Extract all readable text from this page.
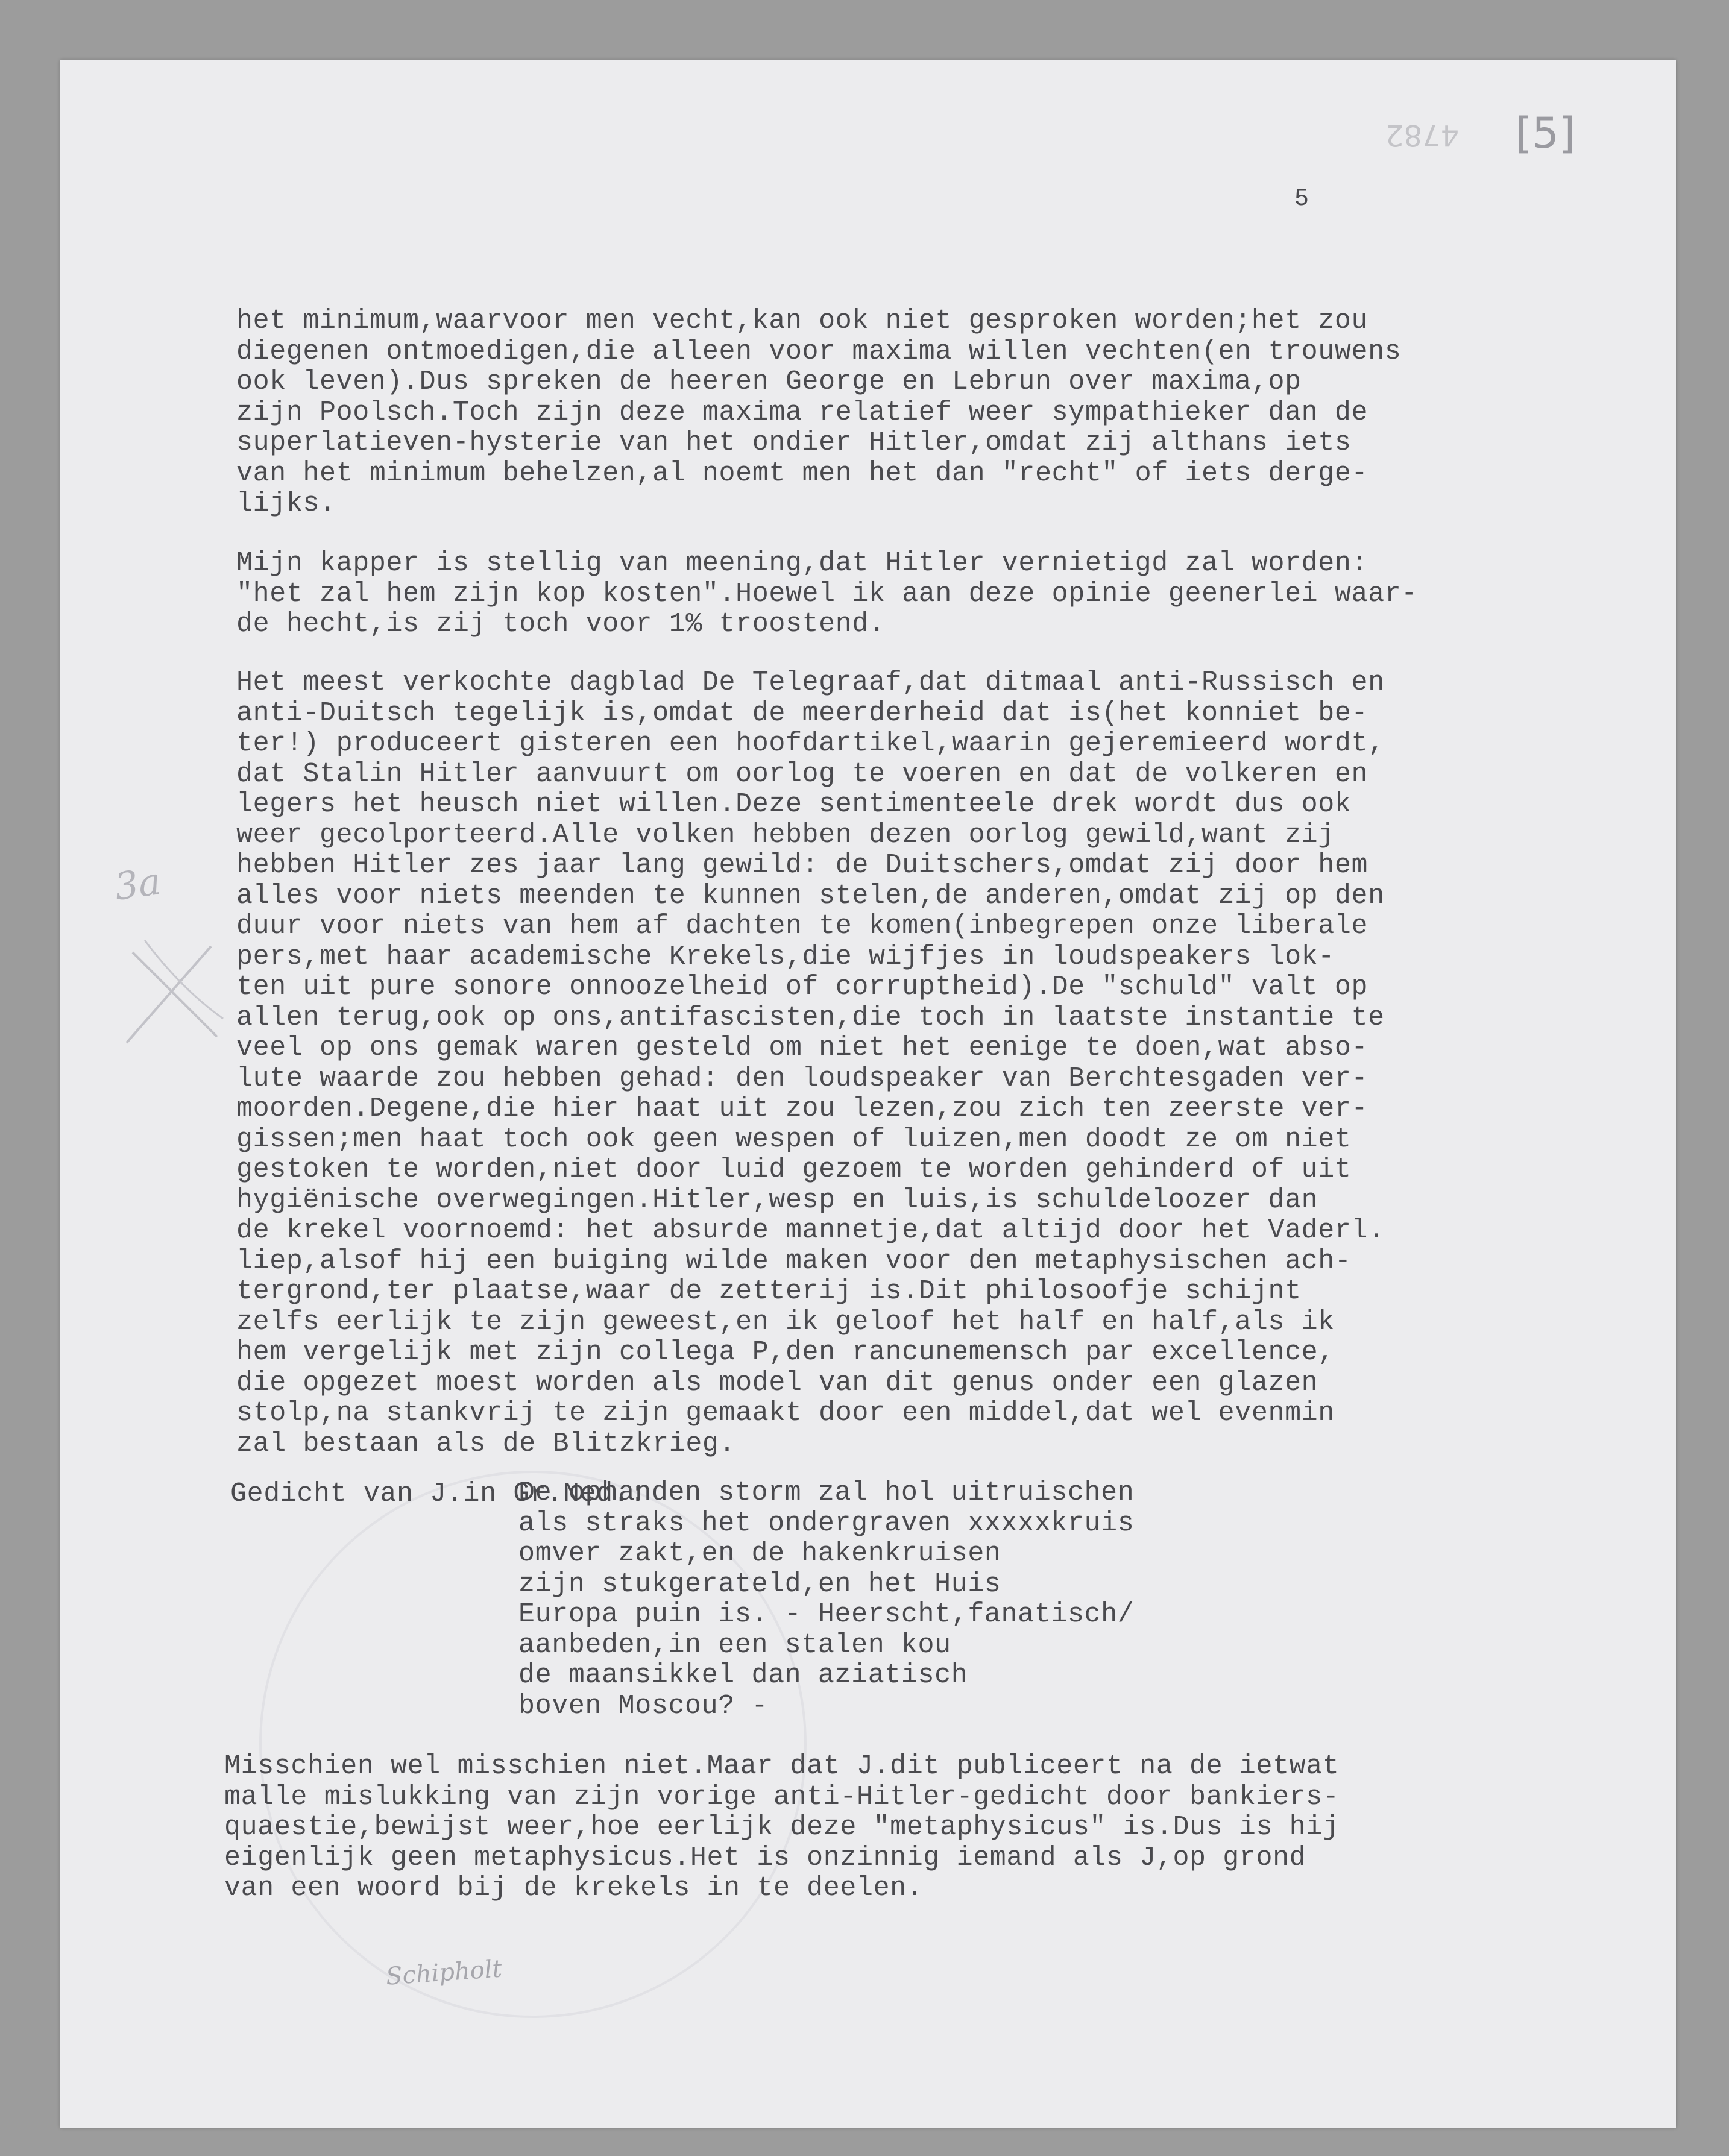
4782 [5]
5
3a

het minimum,waarvoor men vecht,kan ook niet gesproken worden;het zou
diegenen ontmoedigen,die alleen voor maxima willen vechten(en trouwens
ook leven).Dus spreken de heeren George en Lebrun over maxima,op
zijn Poolsch.Toch zijn deze maxima relatief weer sympathieker dan de
superlatieven-hysterie van het ondier Hitler,omdat zij althans iets
van het minimum behelzen,al noemt men het dan "recht" of iets derge-
lijks.

Mijn kapper is stellig van meening,dat Hitler vernietigd zal worden:
"het zal hem zijn kop kosten".Hoewel ik aan deze opinie geenerlei waar-
de hecht,is zij toch voor 1% troostend.

Het meest verkochte dagblad De Telegraaf,dat ditmaal anti-Russisch en
anti-Duitsch tegelijk is,omdat de meerderheid dat is(het konniet be-
ter!) produceert gisteren een hoofdartikel,waarin gejeremieerd wordt,
dat Stalin Hitler aanvuurt om oorlog te voeren en dat de volkeren en
legers het heusch niet willen.Deze sentimenteele drek wordt dus ook
weer gecolporteerd.Alle volken hebben dezen oorlog gewild,want zij
hebben Hitler zes jaar lang gewild: de Duitschers,omdat zij door hem
alles voor niets meenden te kunnen stelen,de anderen,omdat zij op den
duur voor niets van hem af dachten te komen(inbegrepen onze liberale
pers,met haar academische Krekels,die wijfjes in loudspeakers lok-
ten uit pure sonore onnoozelheid of corruptheid).De "schuld" valt op
allen terug,ook op ons,antifascisten,die toch in laatste instantie te
veel op ons gemak waren gesteld om niet het eenige te doen,wat abso-
lute waarde zou hebben gehad: den loudspeaker van Berchtesgaden ver-
moorden.Degene,die hier haat uit zou lezen,zou zich ten zeerste ver-
gissen;men haat toch ook geen wespen of luizen,men doodt ze om niet
gestoken te worden,niet door luid gezoem te worden gehinderd of uit
hygiënische overwegingen.Hitler,wesp en luis,is schuldeloozer dan
de krekel voornoemd: het absurde mannetje,dat altijd door het Vaderl.
liep,alsof hij een buiging wilde maken voor den metaphysischen ach-
tergrond,ter plaatse,waar de zetterij is.Dit philosoofje schijnt
zelfs eerlijk te zijn geweest,en ik geloof het half en half,als ik
hem vergelijk met zijn collega P,den rancunemensch par excellence,
die opgezet moest worden als model van dit genus onder een glazen
stolp,na stankvrij te zijn gemaakt door een middel,dat wel evenmin
zal bestaan als de Blitzkrieg.

Gedicht van J.in Gr.Ned.:

De ophanden storm zal hol uitruischen
als straks het ondergraven xxxxxkruis
omver zakt,en de hakenkruisen
zijn stukgerateld,en het Huis
Europa puin is. - Heerscht,fanatisch/
aanbeden,in een stalen kou
de maansikkel dan aziatisch
boven Moscou? -
Misschien wel misschien niet.Maar dat J.dit publiceert na de ietwat
malle mislukking van zijn vorige anti-Hitler-gedicht door bankiers-
quaestie,bewijst weer,hoe eerlijk deze "metaphysicus" is.Dus is hij
eigenlijk geen metaphysicus.Het is onzinnig iemand als J,op grond
van een woord bij de krekels in te deelen.
Schipholt
